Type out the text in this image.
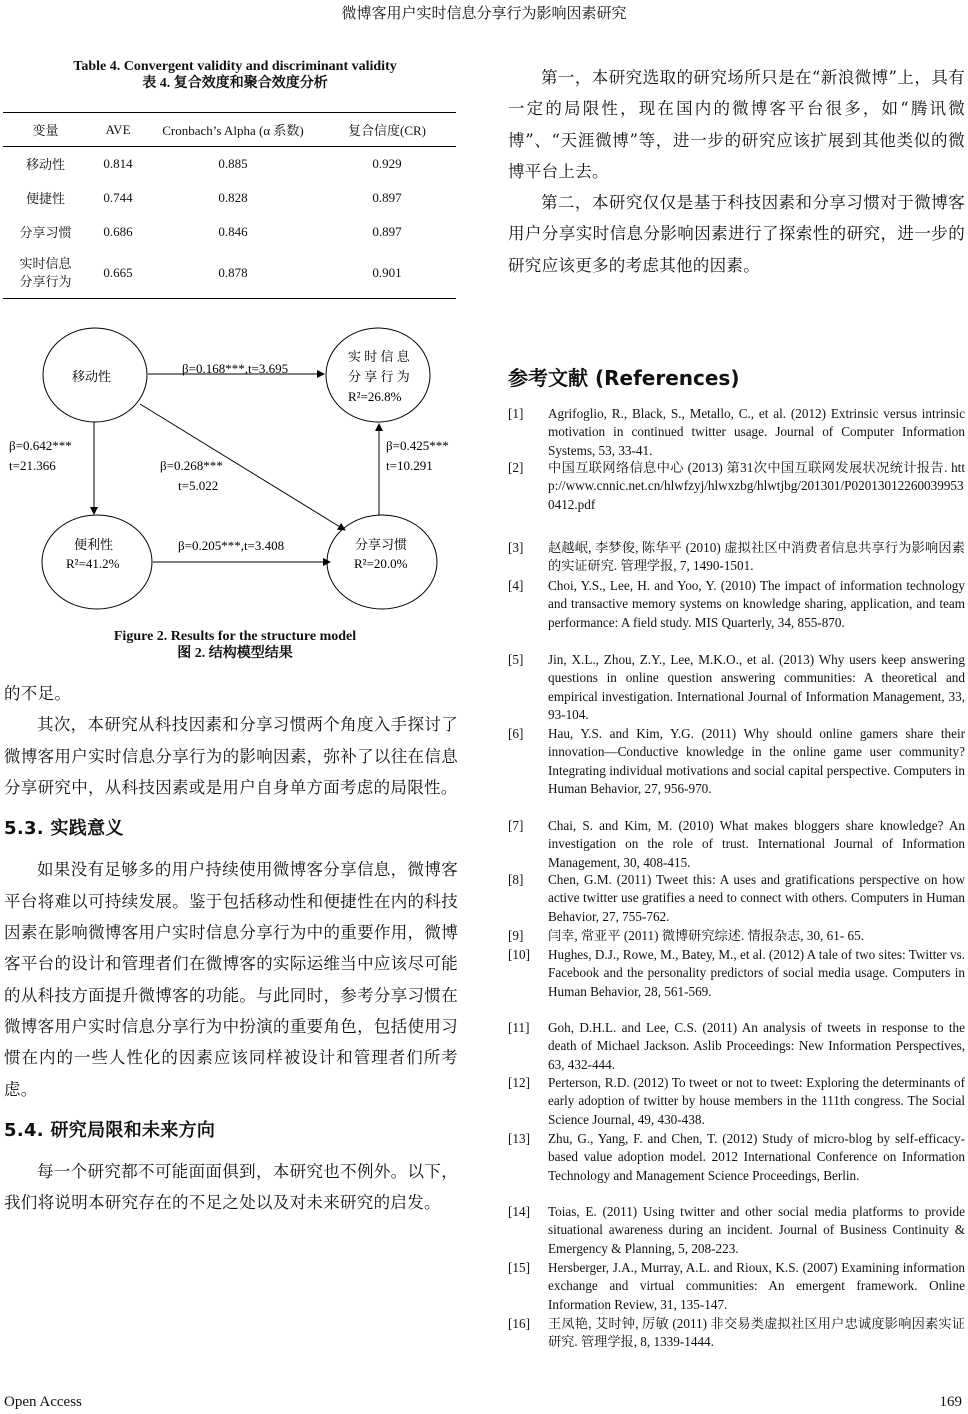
微博客用户实时信息分享行为影响因素研究
Table 4. Convergent validity and discriminant validity
表 4. 复合效度和聚合效度分析
变量	AVE	Cronbach’s Alpha (α 系数)	复合信度(CR)
移动性	0.814	0.885	0.929
便捷性	0.744	0.828	0.897
分享习惯	0.686	0.846	0.897
实时信息
分享行为	0.665	0.878	0.901
移动性
实 时 信 息
分 享 行 为
R²=26.8%
便利性
R²=41.2%
分享习惯
R²=20.0%
β=0.168***,t=3.695
β=0.642***
t=21.366	β=0.268***
t=5.022
β=0.425***
t=10.291
β=0.205***,t=3.408
Figure 2. Results for the structure model
图 2. 结构模型结果

的不足。

其次，本研究从科技因素和分享习惯两个角度入手探讨了微博客用户实时信息分享行为的影响因素，弥补了以往在信息分享研究中，从科技因素或是用户自身单方面考虑的局限性。

5.3. 实践意义

如果没有足够多的用户持续使用微博客分享信息，微博客平台将难以可持续发展。鉴于包括移动性和便捷性在内的科技因素在影响微博客用户实时信息分享行为中的重要作用，微博客平台的设计和管理者们在微博客的实际运维当中应该尽可能的从科技方面提升微博客的功能。与此同时，参考分享习惯在微博客用户实时信息分享行为中扮演的重要角色，包括使用习惯在内的一些人性化的因素应该同样被设计和管理者们所考虑。

5.4. 研究局限和未来方向

每一个研究都不可能面面俱到，本研究也不例外。以下，我们将说明本研究存在的不足之处以及对未来研究的启发。

第一，本研究选取的研究场所只是在“新浪微博”上，具有一定的局限性，现在国内的微博客平台很多，如“腾讯微博”、“天涯微博”等，进一步的研究应该扩展到其他类似的微博平台上去。

第二，本研究仅仅是基于科技因素和分享习惯对于微博客用户分享实时信息分影响因素进行了探索性的研究，进一步的研究应该更多的考虑其他的因素。

参考文献 (References)
[1] Agrifoglio, R., Black, S., Metallo, C., et al. (2012) Extrinsic versus intrinsic motivation in continued twitter usage. Journal of Computer Information Systems, 53, 33-41.
[2] 中国互联网络信息中心 (2013) 第31次中国互联网发展状况统计报告. http://www.cnnic.net.cn/hlwfzyj/hlwxzbg/hlwtjbg/201301/P020130122600399530412.pdf
[3] 赵越岷, 李梦俊, 陈华平 (2010) 虚拟社区中消费者信息共享行为影响因素的实证研究. 管理学报, 7, 1490-1501.
[4] Choi, Y.S., Lee, H. and Yoo, Y. (2010) The impact of information technology and transactive memory systems on knowledge sharing, application, and team performance: A field study. MIS Quarterly, 34, 855-870.
[5] Jin, X.L., Zhou, Z.Y., Lee, M.K.O., et al. (2013) Why users keep answering questions in online question answering communities: A theoretical and empirical investigation. International Journal of Information Management, 33, 93-104.
[6] Hau, Y.S. and Kim, Y.G. (2011) Why should online gamers share their innovation—Conductive knowledge in the online game user community? Integrating individual motivations and social capital perspective. Computers in Human Behavior, 27, 956-970.
[7] Chai, S. and Kim, M. (2010) What makes bloggers share knowledge? An investigation on the role of trust. International Journal of Information Management, 30, 408-415.
[8] Chen, G.M. (2011) Tweet this: A uses and gratifications perspective on how active twitter use gratifies a need to connect with others. Computers in Human Behavior, 27, 755-762.
[9] 闫幸, 常亚平 (2011) 微博研究综述. 情报杂志, 30, 61- 65.
[10] Hughes, D.J., Rowe, M., Batey, M., et al. (2012) A tale of two sites: Twitter vs. Facebook and the personality predictors of social media usage. Computers in Human Behavior, 28, 561-569.
[11] Goh, D.H.L. and Lee, C.S. (2011) An analysis of tweets in response to the death of Michael Jackson. Aslib Proceedings: New Information Perspectives, 63, 432-444.
[12] Perterson, R.D. (2012) To tweet or not to tweet: Exploring the determinants of early adoption of twitter by house members in the 111th congress. The Social Science Journal, 49, 430-438.
[13] Zhu, G., Yang, F. and Chen, T. (2012) Study of micro-blog by self-efficacy-based value adoption model. 2012 International Conference on Information Technology and Management Science Proceedings, Berlin.
[14] Toias, E. (2011) Using twitter and other social media platforms to provide situational awareness during an incident. Journal of Business Continuity & Emergency & Planning, 5, 208-223.
[15] Hersberger, J.A., Murray, A.L. and Rioux, K.S. (2007) Examining information exchange and virtual communities: An emergent framework. Online Information Review, 31, 135-147.
[16] 王凤艳, 艾时钟, 厉敏 (2011) 非交易类虚拟社区用户忠诚度影响因素实证研究. 管理学报, 8, 1339-1444.
Open Access	169
